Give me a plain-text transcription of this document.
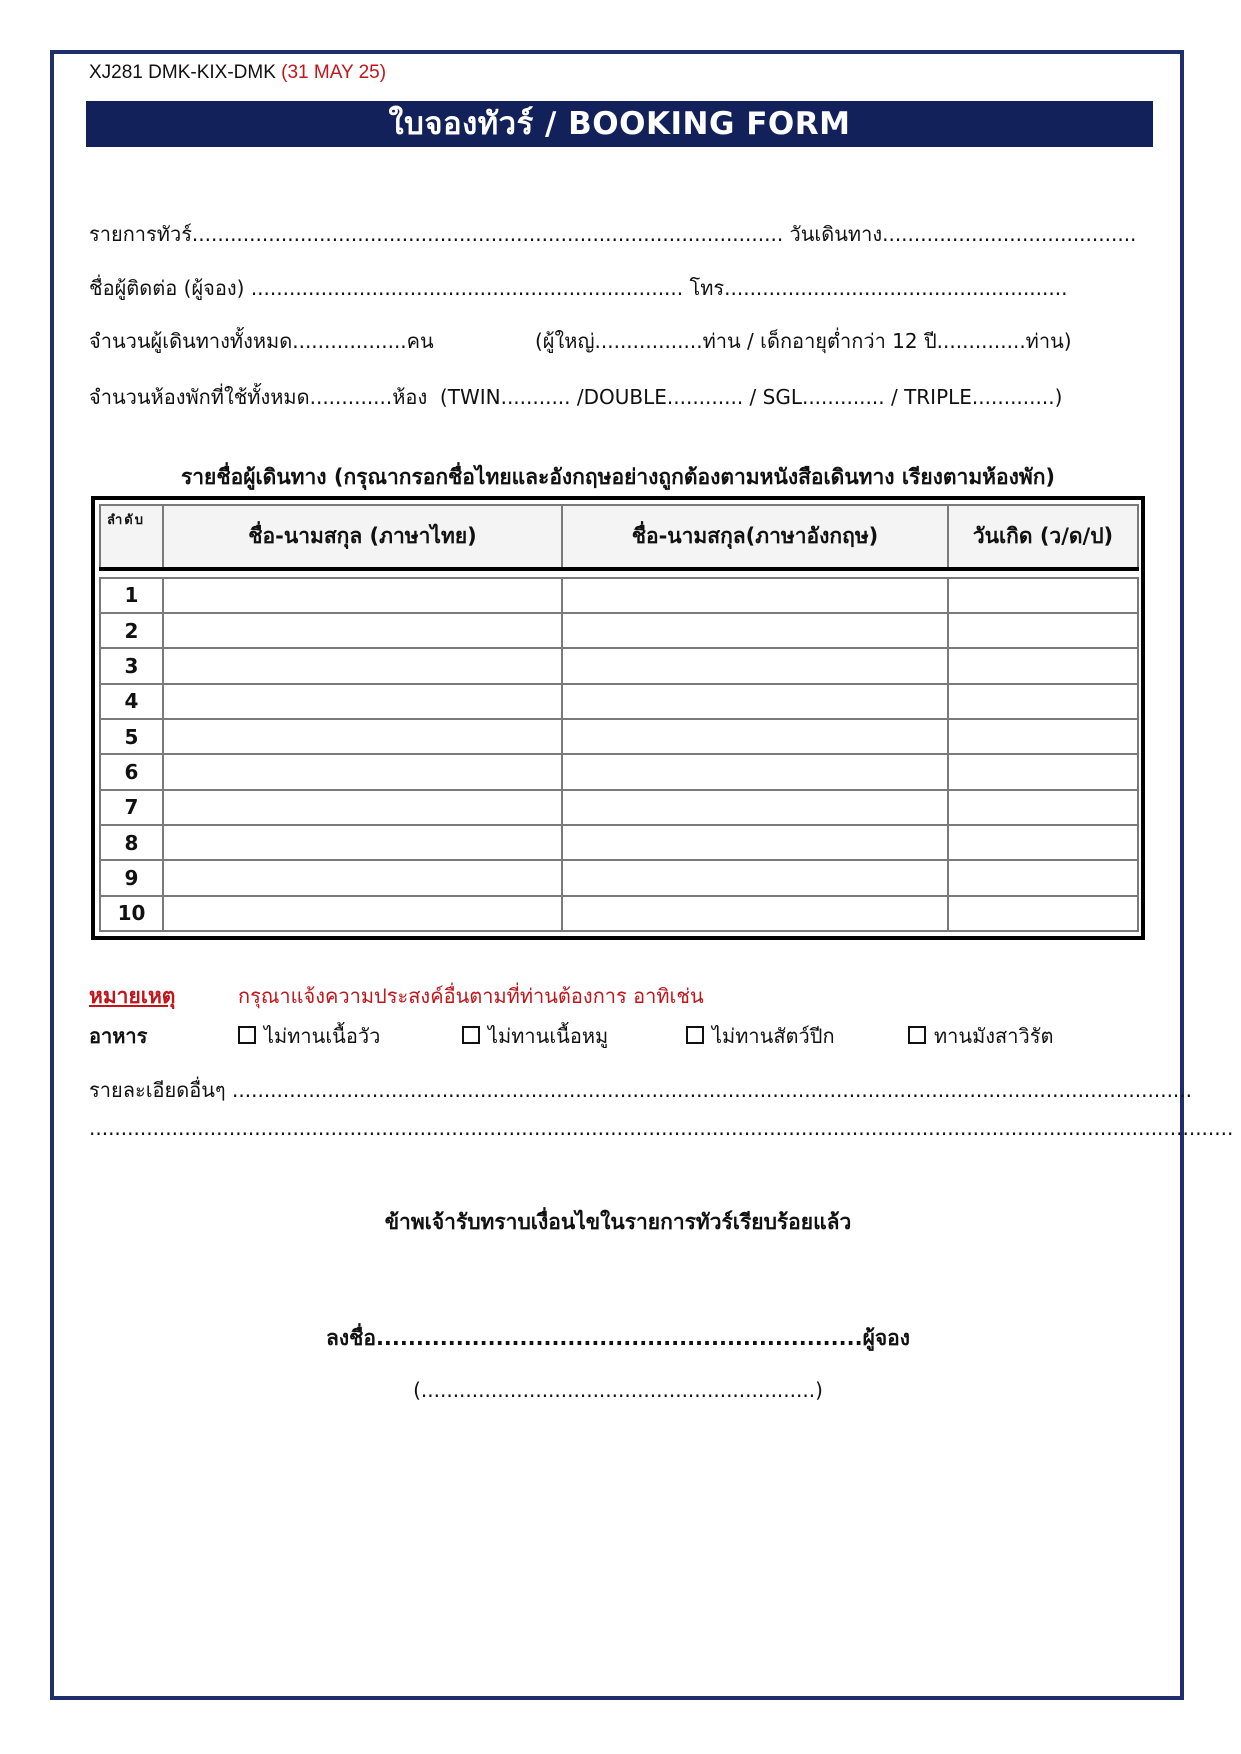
XJ281 DMK-KIX-DMK (31 MAY 25)
ใบจองทัวร์ / BOOKING FORM
รายการทัวร์............................................................................................. วันเดินทาง........................................
ชื่อผู้ติดต่อ (ผู้จอง) .................................................................... โทร......................................................
จำนวนผู้เดินทางทั้งหมด..................คน	(ผู้ใหญ่.................ท่าน / เด็กอายุต่ำกว่า 12 ปี..............ท่าน)
จำนวนห้องพักที่ใช้ทั้งหมด.............ห้อง  (TWIN........... /DOUBLE............ / SGL............. / TRIPLE.............)
รายชื่อผู้เดินทาง (กรุณากรอกชื่อไทยและอังกฤษอย่างถูกต้องตามหนังสือเดินทาง เรียงตามห้องพัก)
ลำดับ	ชื่อ-นามสกุล (ภาษาไทย)	ชื่อ-นามสกุล(ภาษาอังกฤษ)	วันเกิด (ว/ด/ป)

1			
2			
3			
4			
5			
6			
7			
8			
9			
10			
หมายเหตุ	กรุณาแจ้งความประสงค์อื่นตามที่ท่านต้องการ อาทิเช่น
อาหาร	ไม่ทานเนื้อวัว	ไม่ทานเนื้อหมู	ไม่ทานสัตว์ปีก	ทานมังสาวิรัต
รายละเอียดอื่นๆ .......................................................................................................................................................
....................................................................................................................................................................................
ข้าพเจ้ารับทราบเงื่อนไขในรายการทัวร์เรียบร้อยแล้ว
ลงชื่อ.............................................................ผู้จอง
(..............................................................)
